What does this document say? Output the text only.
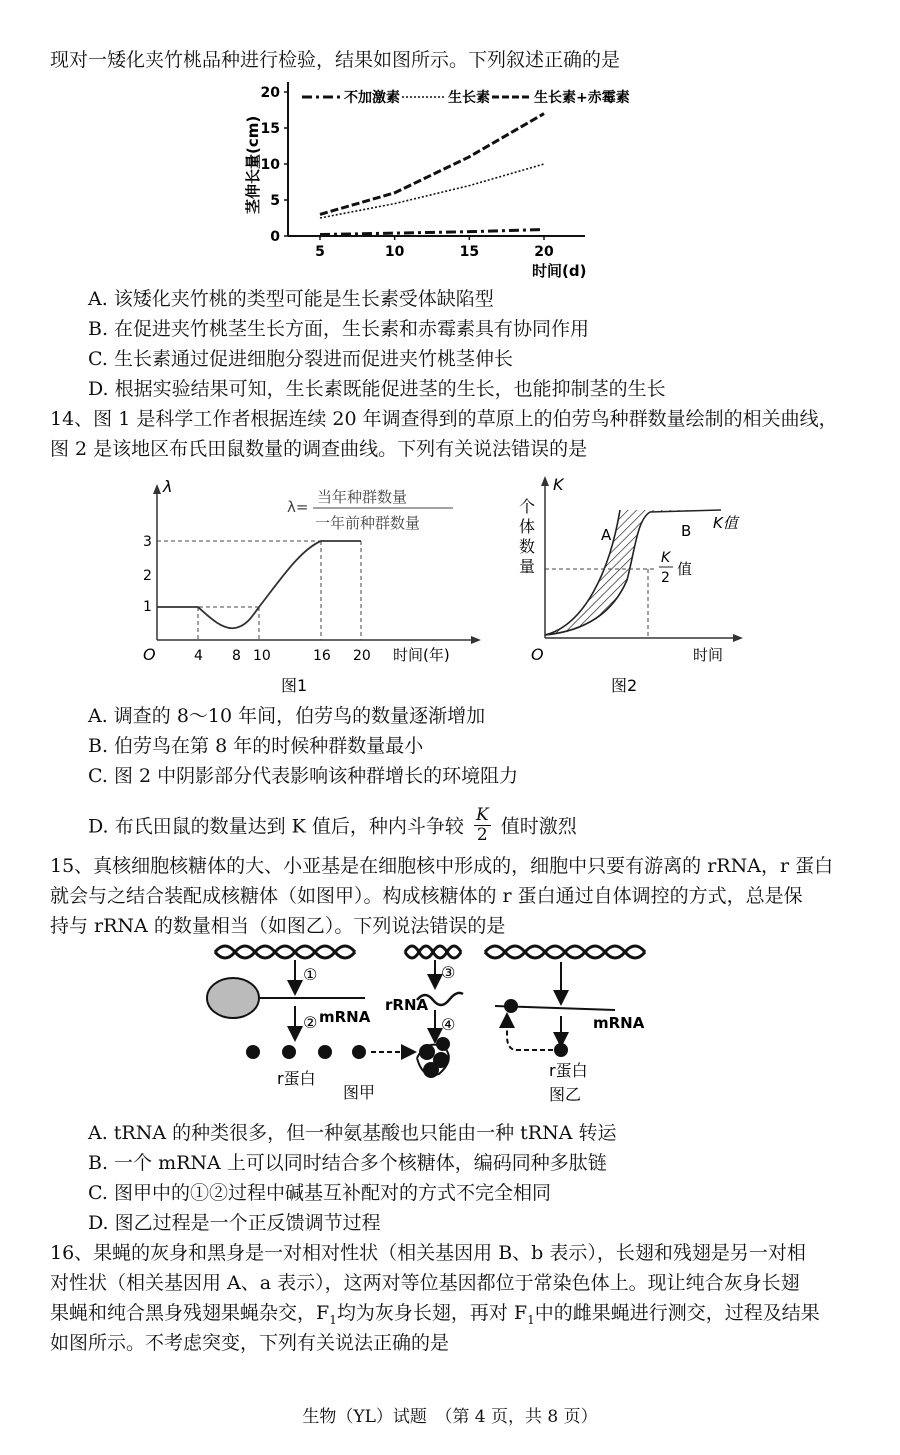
现对一矮化夹竹桃品种进行检验，结果如图所示。下列叙述正确的是
0
5
10
15
20
5	10	15	20
茎伸长量(cm)
时间(d)
不加激素	生长素	生长素+赤霉素
A. 该矮化夹竹桃的类型可能是生长素受体缺陷型
B. 在促进夹竹桃茎生长方面，生长素和赤霉素具有协同作用
C. 生长素通过促进细胞分裂进而促进夹竹桃茎伸长
D. 根据实验结果可知，生长素既能促进茎的生长，也能抑制茎的生长
14、图 1 是科学工作者根据连续 20 年调查得到的草原上的伯劳鸟种群数量绘制的相关曲线，
图 2 是该地区布氏田鼠数量的调查曲线。下列有关说法错误的是
λ
O
λ=
当年种群数量
一年前种群数量
1
2
3
4 8 10	16 20 时间(年)
图1
K
个
体
数
量
O
A	B K值
K
2 值
时间
图2
A. 调查的 8～10 年间，伯劳鸟的数量逐渐增加
B. 伯劳鸟在第 8 年的时候种群数量最小
C. 图 2 中阴影部分代表影响该种群增长的环境阻力
D. 布氏田鼠的数量达到 K 值后，种内斗争较 $\frac{K}{2}$ 值时激烈
15、真核细胞核糖体的大、小亚基是在细胞核中形成的，细胞中只要有游离的 rRNA，r 蛋白
就会与之结合装配成核糖体（如图甲）。构成核糖体的 r 蛋白通过自体调控的方式，总是保
持与 rRNA 的数量相当（如图乙）。下列说法错误的是
①
② mRNA
r蛋白
图甲
③
rRNA
④	mRNA
r蛋白
图乙
A. tRNA 的种类很多，但一种氨基酸也只能由一种 tRNA 转运
B. 一个 mRNA 上可以同时结合多个核糖体，编码同种多肽链
C. 图甲中的①②过程中碱基互补配对的方式不完全相同
D. 图乙过程是一个正反馈调节过程
16、果蝇的灰身和黑身是一对相对性状（相关基因用 B、b 表示），长翅和残翅是另一对相
对性状（相关基因用 A、a 表示），这两对等位基因都位于常染色体上。现让纯合灰身长翅
果蝇和纯合黑身残翅果蝇杂交，$F_1$均为灰身长翅，再对 $F_1$中的雌果蝇进行测交，过程及结果
如图所示。不考虑突变，下列有关说法正确的是
生物（YL）试题　（第 4 页，共 8 页）
